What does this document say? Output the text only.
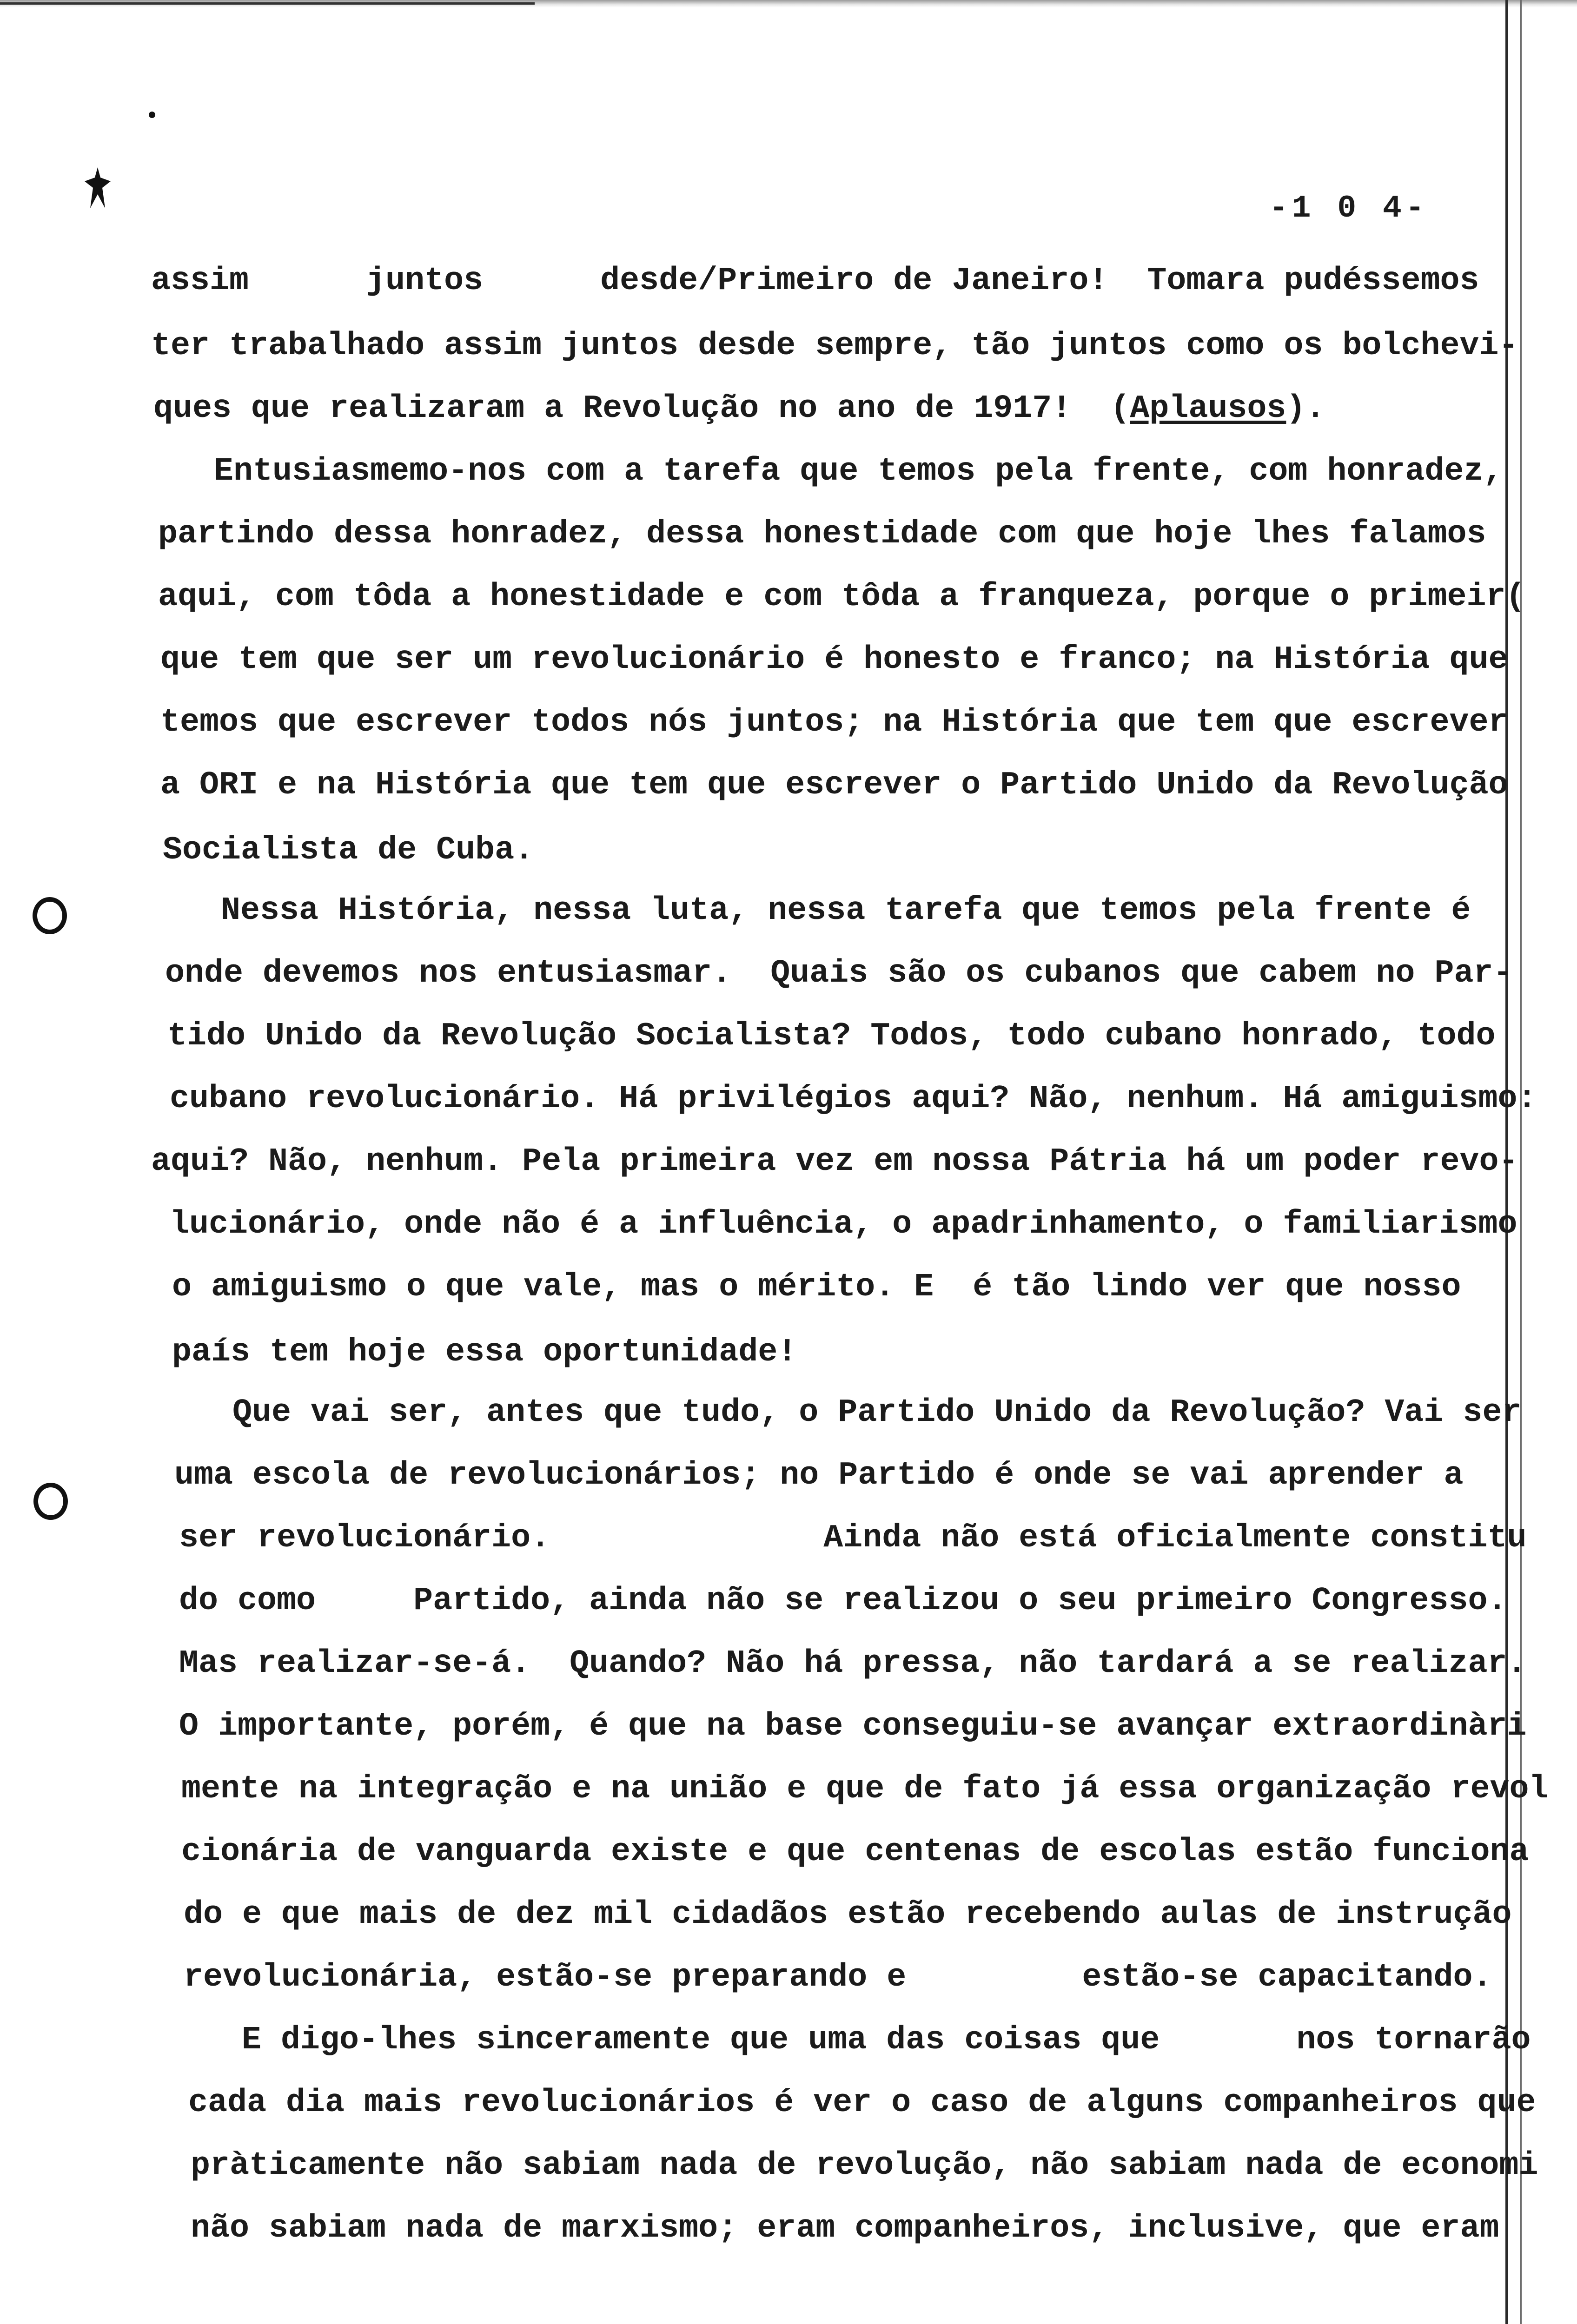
-1 0 4-
assim      juntos      desde/Primeiro de Janeiro!  Tomara pudéssemos
ter trabalhado assim juntos desde sempre, tão juntos como os bolchevi-
ques que realizaram a Revolução no ano de 1917!  (Aplausos).
Entusiasmemo-nos com a tarefa que temos pela frente, com honradez,
partindo dessa honradez, dessa honestidade com que hoje lhes falamos
aqui, com tôda a honestidade e com tôda a franqueza, porque o primeir(
que tem que ser um revolucionário é honesto e franco; na História que
temos que escrever todos nós juntos; na História que tem que escrever
a ORI e na História que tem que escrever o Partido Unido da Revolução
Socialista de Cuba.
Nessa História, nessa luta, nessa tarefa que temos pela frente é
onde devemos nos entusiasmar.  Quais são os cubanos que cabem no Par-
tido Unido da Revolução Socialista? Todos, todo cubano honrado, todo
cubano revolucionário. Há privilégios aqui? Não, nenhum. Há amiguismo:
aqui? Não, nenhum. Pela primeira vez em nossa Pátria há um poder revo-
lucionário, onde não é a influência, o apadrinhamento, o familiarismo
o amiguismo o que vale, mas o mérito. E  é tão lindo ver que nosso
país tem hoje essa oportunidade!
Que vai ser, antes que tudo, o Partido Unido da Revolução? Vai ser
uma escola de revolucionários; no Partido é onde se vai aprender a
ser revolucionário.              Ainda não está oficialmente constitu
do como     Partido, ainda não se realizou o seu primeiro Congresso.
Mas realizar-se-á.  Quando? Não há pressa, não tardará a se realizar.
O importante, porém, é que na base conseguiu-se avançar extraordinàri
mente na integração e na união e que de fato já essa organização revol
cionária de vanguarda existe e que centenas de escolas estão funciona
do e que mais de dez mil cidadãos estão recebendo aulas de instrução
revolucionária, estão-se preparando e         estão-se capacitando.
E digo-lhes sinceramente que uma das coisas que       nos tornarão
cada dia mais revolucionários é ver o caso de alguns companheiros que
pràticamente não sabiam nada de revolução, não sabiam nada de economi
não sabiam nada de marxismo; eram companheiros, inclusive, que eram
